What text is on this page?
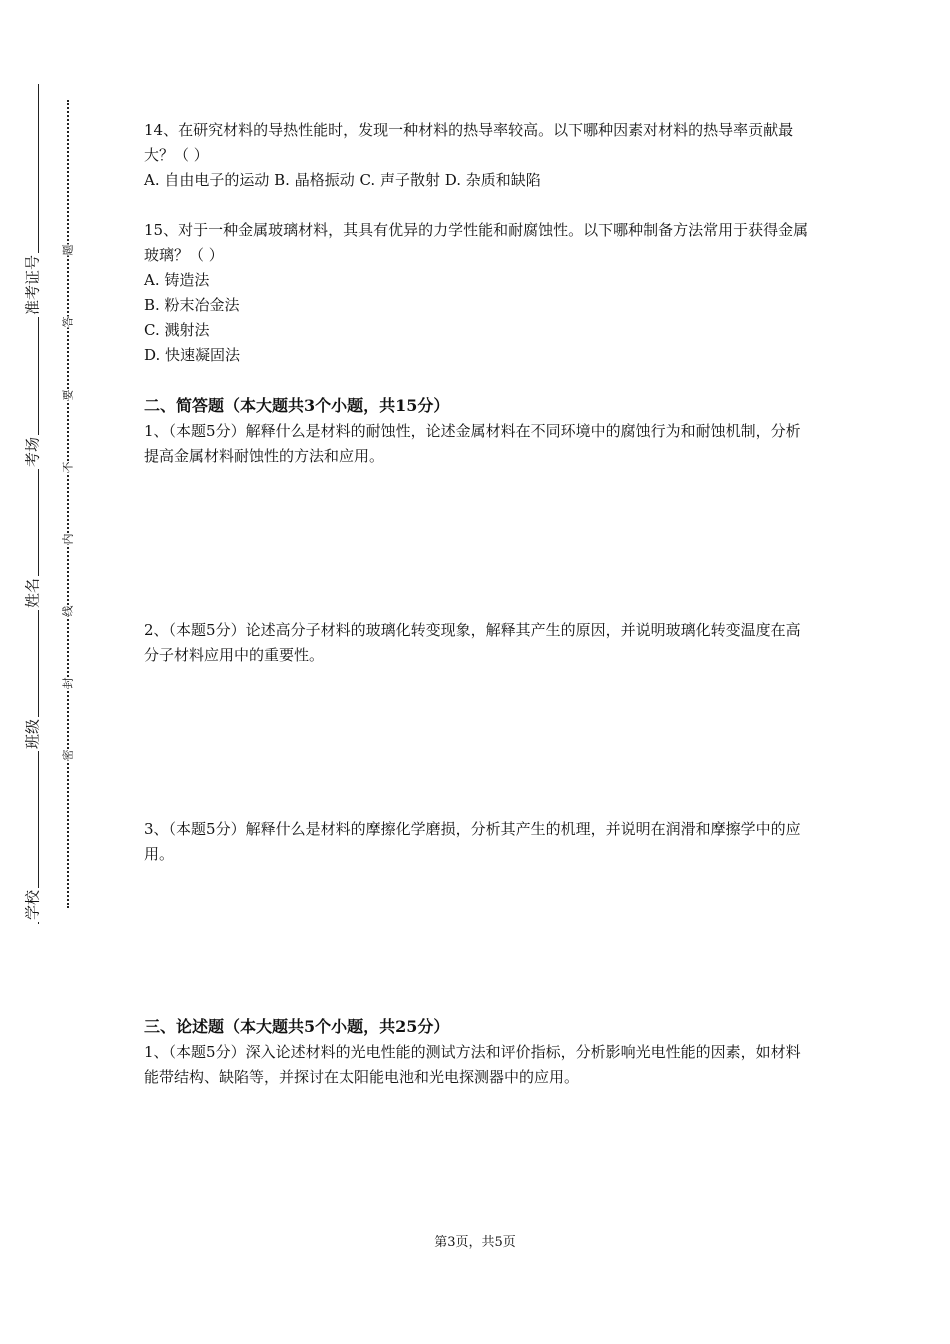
准考证号
考场
姓名
班级
学校
题
答
要
不
内
线
封
密

14、在研究材料的导热性能时，发现一种材料的热导率较高。以下哪种因素对材料的热导率贡献最大？（ ）

A. 自由电子的运动 B. 晶格振动 C. 声子散射 D. 杂质和缺陷

15、对于一种金属玻璃材料，其具有优异的力学性能和耐腐蚀性。以下哪种制备方法常用于获得金属玻璃？（ ）

A. 铸造法

B. 粉末冶金法

C. 溅射法

D. 快速凝固法

二、简答题（本大题共3个小题，共15分）

1、（本题5分）解释什么是材料的耐蚀性，论述金属材料在不同环境中的腐蚀行为和耐蚀机制，分析提高金属材料耐蚀性的方法和应用。

2、（本题5分）论述高分子材料的玻璃化转变现象，解释其产生的原因，并说明玻璃化转变温度在高分子材料应用中的重要性。

3、（本题5分）解释什么是材料的摩擦化学磨损，分析其产生的机理，并说明在润滑和摩擦学中的应用。

三、论述题（本大题共5个小题，共25分）

1、（本题5分）深入论述材料的光电性能的测试方法和评价指标，分析影响光电性能的因素，如材料能带结构、缺陷等，并探讨在太阳能电池和光电探测器中的应用。

第3页，共5页
